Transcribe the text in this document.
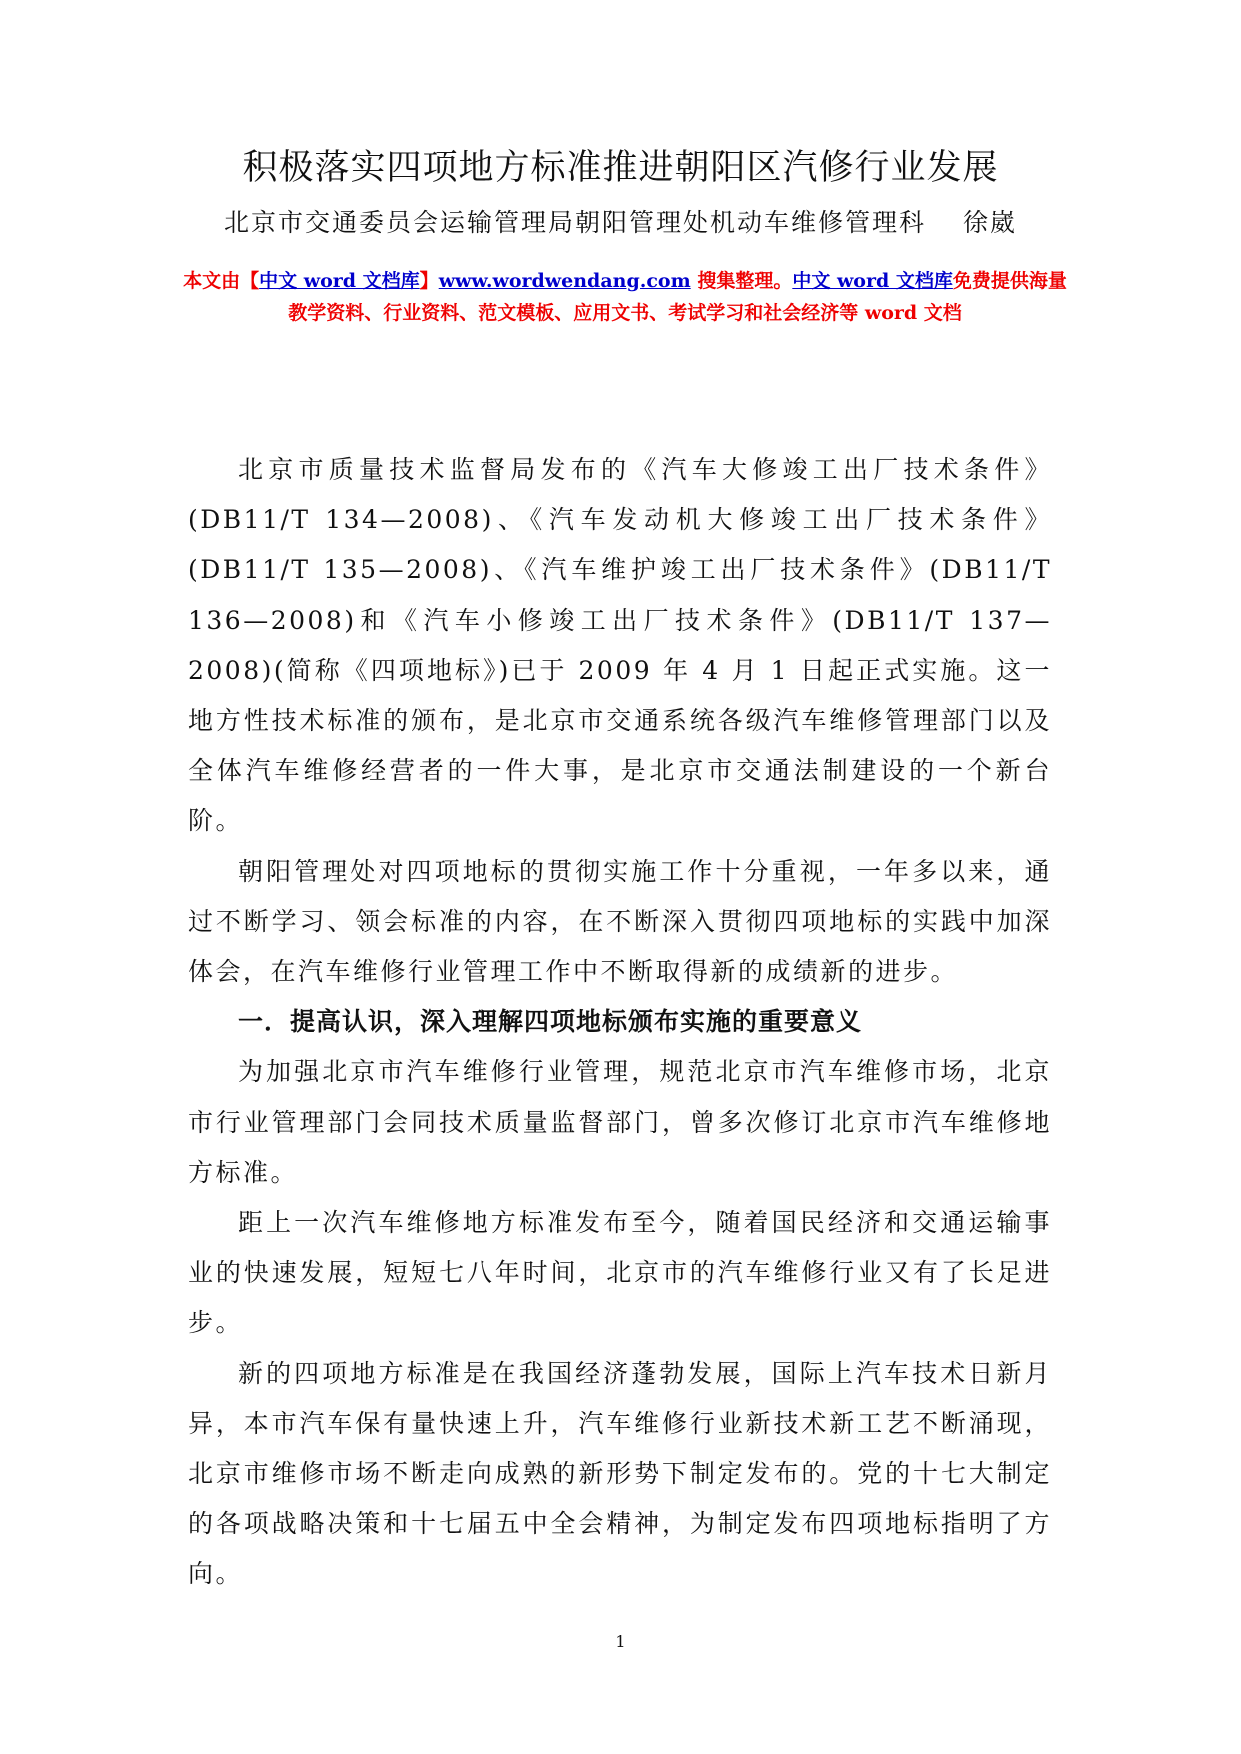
积极落实四项地方标准推进朝阳区汽修行业发展
北京市交通委员会运输管理局朝阳管理处机动车维修管理科　 徐崴
本文由【中文 word 文档库】www.wordwendang.com 搜集整理。中文 word 文档库免费提供海量教学资料、行业资料、范文模板、应用文书、考试学习和社会经济等 word 文档

北京市质量技术监督局发布的《汽车大修竣工出厂技术条件》(DB11/T 134—2008)、《汽车发动机大修竣工出厂技术条件》(DB11/T 135—2008)、《汽车维护竣工出厂技术条件》(DB11/T 136—2008)和《汽车小修竣工出厂技术条件》(DB11/T 137—2008)(简称《四项地标》)已于 2009 年 4 月 1 日起正式实施。这一地方性技术标准的颁布，是北京市交通系统各级汽车维修管理部门以及全体汽车维修经营者的一件大事，是北京市交通法制建设的一个新台阶。

朝阳管理处对四项地标的贯彻实施工作十分重视，一年多以来，通过不断学习、领会标准的内容，在不断深入贯彻四项地标的实践中加深体会，在汽车维修行业管理工作中不断取得新的成绩新的进步。

一．提高认识，深入理解四项地标颁布实施的重要意义

为加强北京市汽车维修行业管理，规范北京市汽车维修市场，北京市行业管理部门会同技术质量监督部门，曾多次修订北京市汽车维修地方标准。

距上一次汽车维修地方标准发布至今，随着国民经济和交通运输事业的快速发展，短短七八年时间，北京市的汽车维修行业又有了长足进步。

新的四项地方标准是在我国经济蓬勃发展，国际上汽车技术日新月异，本市汽车保有量快速上升，汽车维修行业新技术新工艺不断涌现，北京市维修市场不断走向成熟的新形势下制定发布的。党的十七大制定的各项战略决策和十七届五中全会精神，为制定发布四项地标指明了方向。

1
